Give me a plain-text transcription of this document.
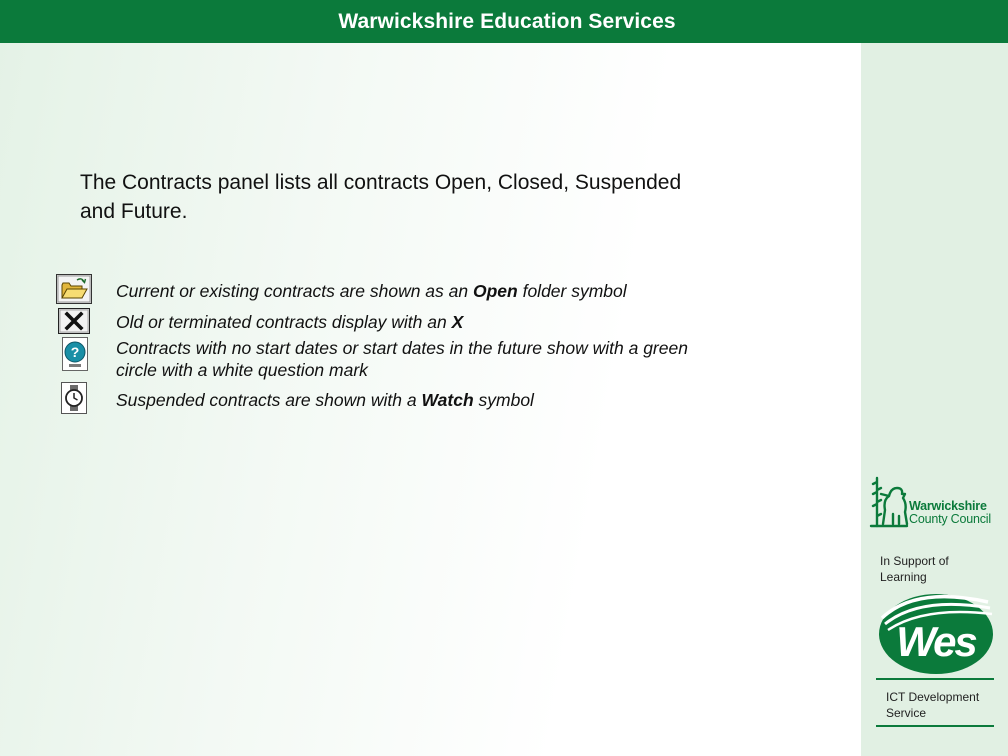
Warwickshire Education Services
The Contracts panel lists all contracts Open, Closed, Suspended
and Future.
?
Current or existing contracts are shown as an Open folder symbol
Old or terminated contracts display with an X
Contracts with no start dates or start dates in the future show with a green
circle with a white question mark
Suspended contracts are shown with a Watch symbol
Warwickshire
County Council
In Support of
Learning
Wes
ICT Development
Service
